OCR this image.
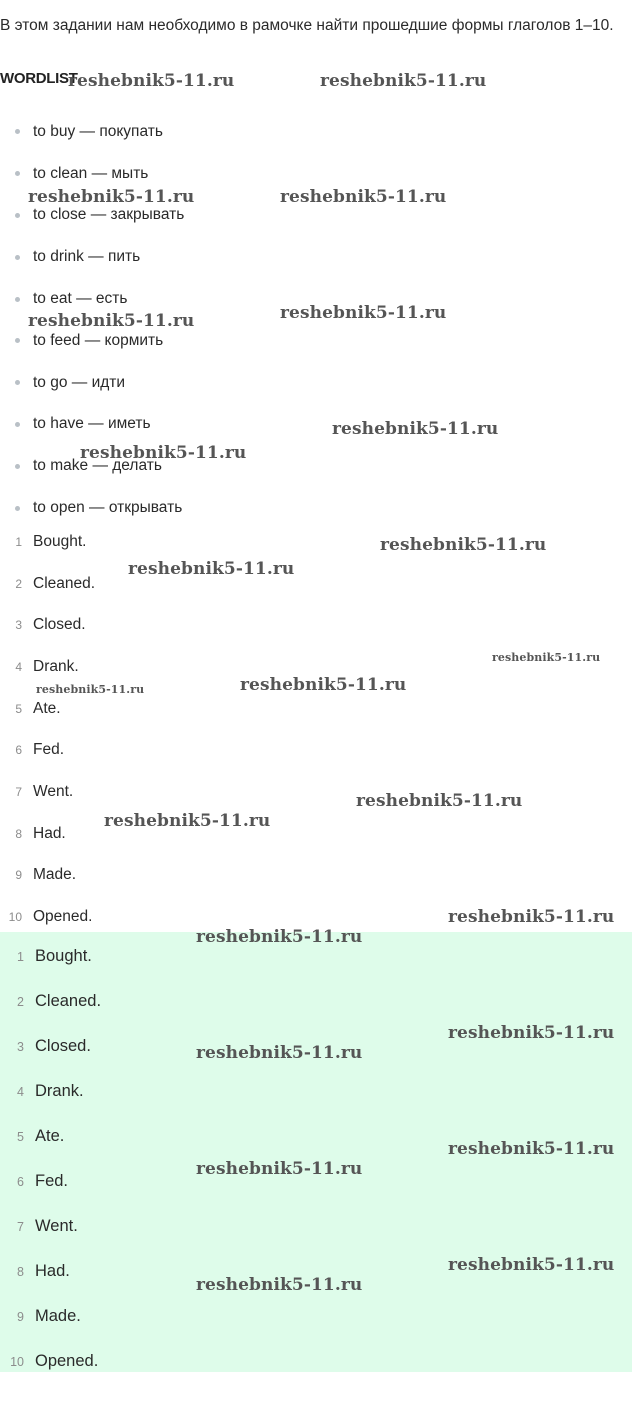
В этом задании нам необходимо в рамочке найти прошедшие формы глаголов 1–10.

WORDLIST
to buy — покупать
to clean — мыть
to close — закрывать
to drink — пить
to eat — есть
to feed — кормить
to go — идти
to have — иметь
to make — делать
to open — открывать
1 Bought.
2 Cleaned.
3 Closed.
4 Drank.
5 Ate.
6 Fed.
7 Went.
8 Had.
9 Made.
10 Opened.
1 Bought.
2 Cleaned.
3 Closed.
4 Drank.
5 Ate.
6 Fed.
7 Went.
8 Had.
9 Made.
10 Opened.
reshebnik5-11.ru	reshebnik5-11.ru
reshebnik5-11.ru	reshebnik5-11.ru
reshebnik5-11.ru	reshebnik5-11.ru
reshebnik5-11.ru
reshebnik5-11.ru
reshebnik5-11.ru
reshebnik5-11.ru
reshebnik5-11.ru
reshebnik5-11.ru	reshebnik5-11.ru
reshebnik5-11.ru
reshebnik5-11.ru
reshebnik5-11.ru
reshebnik5-11.ru
reshebnik5-11.ru
reshebnik5-11.ru
reshebnik5-11.ru
reshebnik5-11.ru
reshebnik5-11.ru
reshebnik5-11.ru
